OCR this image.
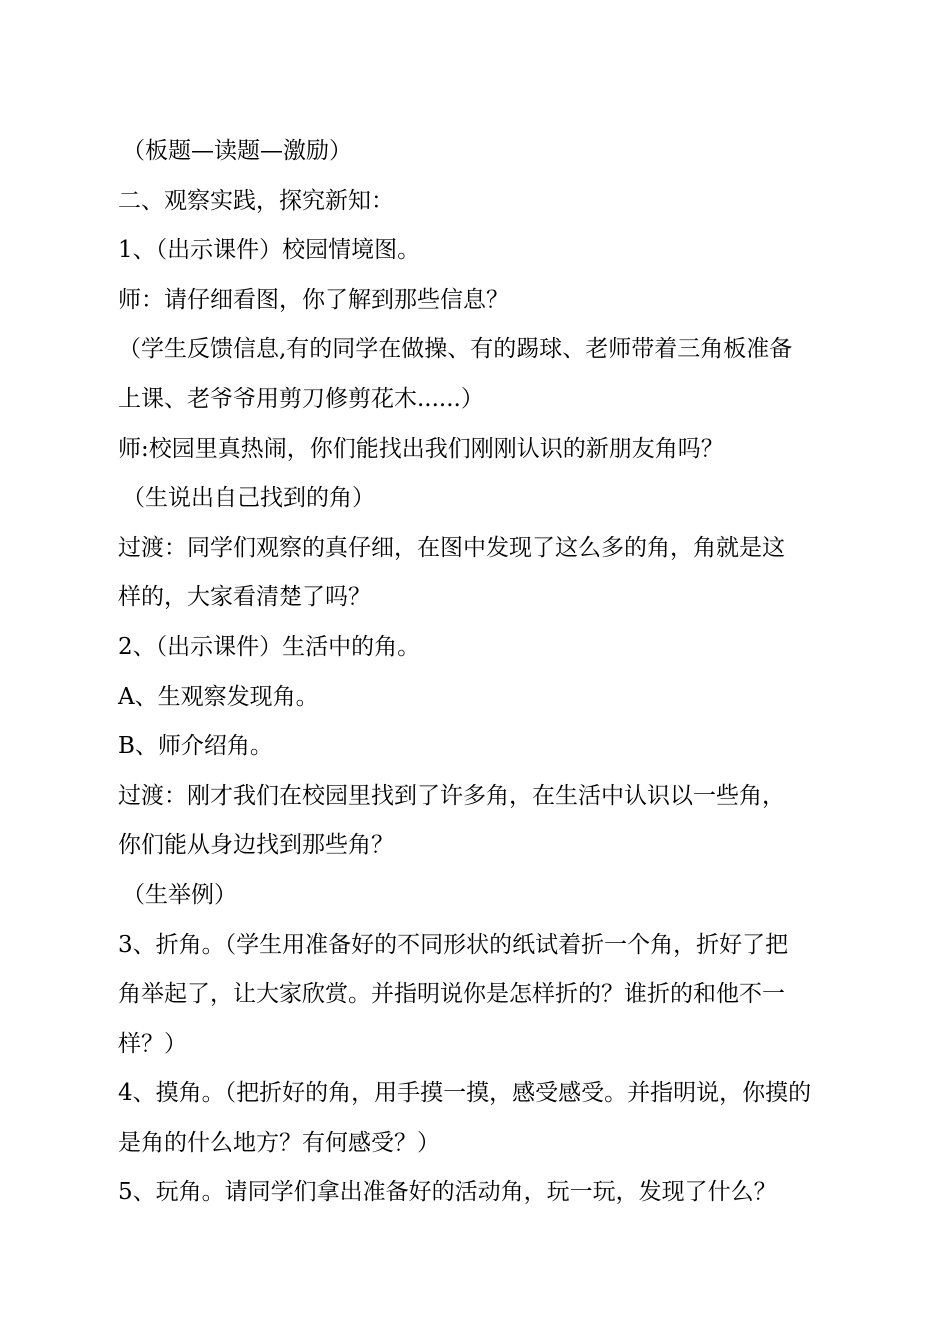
（板题—读题—激励）
二、观察实践，探究新知：
1、（出示课件）校园情境图。
师：请仔细看图，你了解到那些信息？
（学生反馈信息,有的同学在做操、有的踢球、老师带着三角板准备
上课、老爷爷用剪刀修剪花木......）
师:校园里真热闹，你们能找出我们刚刚认识的新朋友角吗？
（生说出自己找到的角）
过渡：同学们观察的真仔细，在图中发现了这么多的角，角就是这
样的，大家看清楚了吗？
2、（出示课件）生活中的角。
A、生观察发现角。
B、师介绍角。
过渡：刚才我们在校园里找到了许多角，在生活中认识以一些角，
你们能从身边找到那些角？
（生举例）
3、折角。（学生用准备好的不同形状的纸试着折一个角，折好了把
角举起了，让大家欣赏。并指明说你是怎样折的？谁折的和他不一
样？）
4、摸角。（把折好的角，用手摸一摸，感受感受。并指明说，你摸的
是角的什么地方？有何感受？）
5、玩角。请同学们拿出准备好的活动角，玩一玩，发现了什么？
